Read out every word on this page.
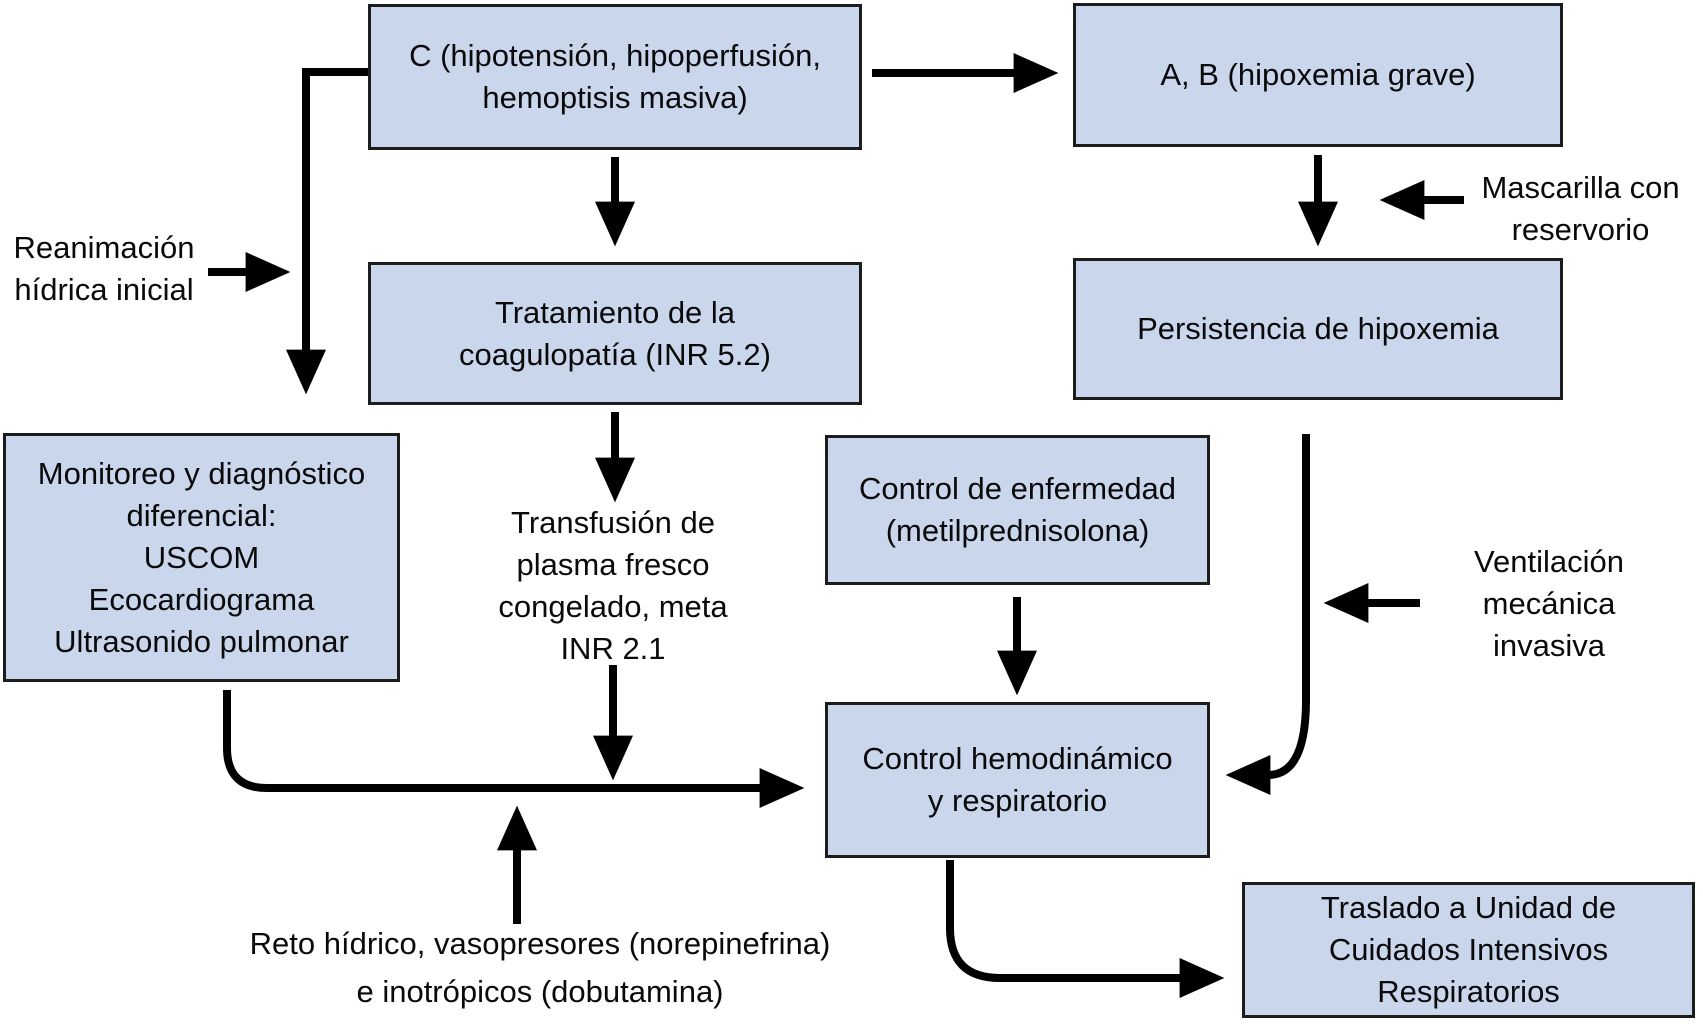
C (hipotensión, hipoperfusión,
hemoptisis masiva)
A, B (hipoxemia grave)
Tratamiento de la
coagulopatía (INR 5.2)
Persistencia de hipoxemia
Monitoreo y diagnóstico
diferencial:
USCOM
Ecocardiograma
Ultrasonido pulmonar
Control de enfermedad
(metilprednisolona)
Control hemodinámico
y respiratorio
Traslado a Unidad de
Cuidados Intensivos
Respiratorios
Reanimación
hídrica inicial
Mascarilla con
reservorio
Transfusión de
plasma fresco
congelado, meta
INR 2.1
Ventilación
mecánica
invasiva
Reto hídrico, vasopresores (norepinefrina)
e inotrópicos (dobutamina)
